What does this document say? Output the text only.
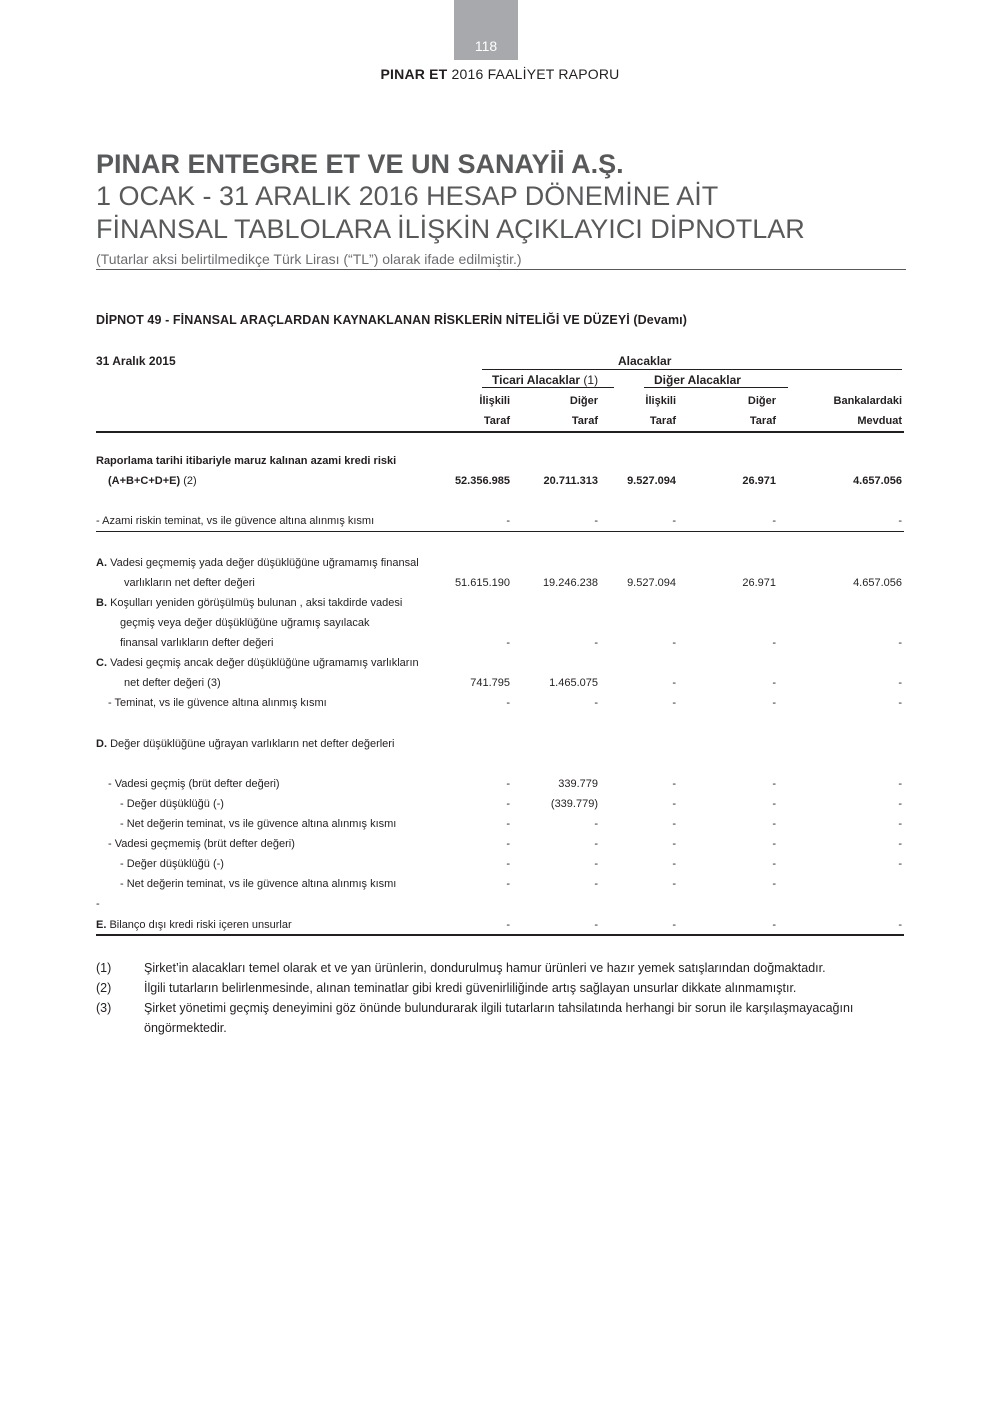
118
PINAR ET 2016 FAALİYET RAPORU
PINAR ENTEGRE ET VE UN SANAYİİ A.Ş.
1 OCAK - 31 ARALIK 2016 HESAP DÖNEMİNE AİT
FİNANSAL TABLOLARA İLİŞKİN AÇIKLAYICI DİPNOTLAR
(Tutarlar aksi belirtilmedikçe Türk Lirası (“TL”) olarak ifade edilmiştir.)
DİPNOT 49 - FİNANSAL ARAÇLARDAN KAYNAKLANAN RİSKLERİN NİTELİĞİ VE DÜZEYİ (Devamı)
31 Aralık 2015	Alacaklar
Ticari Alacaklar (1)	Diğer Alacaklar
İlişkili	Diğer	İlişkili	Diğer	Bankalardaki
Taraf	Taraf	Taraf	Taraf	Mevduat
Raporlama tarihi itibariyle maruz kalınan azami kredi riski
(A+B+C+D+E) (2)	52.356.985	20.711.313	9.527.094	26.971	4.657.056
- Azami riskin teminat, vs ile güvence altına alınmış kısmı	-	-	-	-	-
A. Vadesi geçmemiş yada değer düşüklüğüne uğramamış finansal
varlıkların net defter değeri	51.615.190	19.246.238	9.527.094	26.971	4.657.056
B. Koşulları yeniden görüşülmüş bulunan , aksi takdirde vadesi
geçmiş veya değer düşüklüğüne uğramış sayılacak
finansal varlıkların defter değeri	-	-	-	-	-
C. Vadesi geçmiş ancak değer düşüklüğüne uğramamış varlıkların
net defter değeri (3)	741.795	1.465.075	-	-	-
- Teminat, vs ile güvence altına alınmış kısmı	-	-	-	-	-
D. Değer düşüklüğüne uğrayan varlıkların net defter değerleri
- Vadesi geçmiş (brüt defter değeri)	-	339.779	-	-	-
- Değer düşüklüğü (-)	-	(339.779)	-	-	-
- Net değerin teminat, vs ile güvence altına alınmış kısmı	-	-	-	-	-
- Vadesi geçmemiş (brüt defter değeri)	-	-	-	-	-
- Değer düşüklüğü (-)	-	-	-	-	-
- Net değerin teminat, vs ile güvence altına alınmış kısmı	-	-	-	-
-
E. Bilanço dışı kredi riski içeren unsurlar	-	-	-	-	-
(1)	Şirket’in alacakları temel olarak et ve yan ürünlerin, dondurulmuş hamur ürünleri ve hazır yemek satışlarından doğmaktadır.
(2)	İlgili tutarların belirlenmesinde, alınan teminatlar gibi kredi güvenirliliğinde artış sağlayan unsurlar dikkate alınmamıştır.
(3)	Şirket yönetimi geçmiş deneyimini göz önünde bulundurarak ilgili tutarların tahsilatında herhangi bir sorun ile karşılaşmayacağını öngörmektedir.
